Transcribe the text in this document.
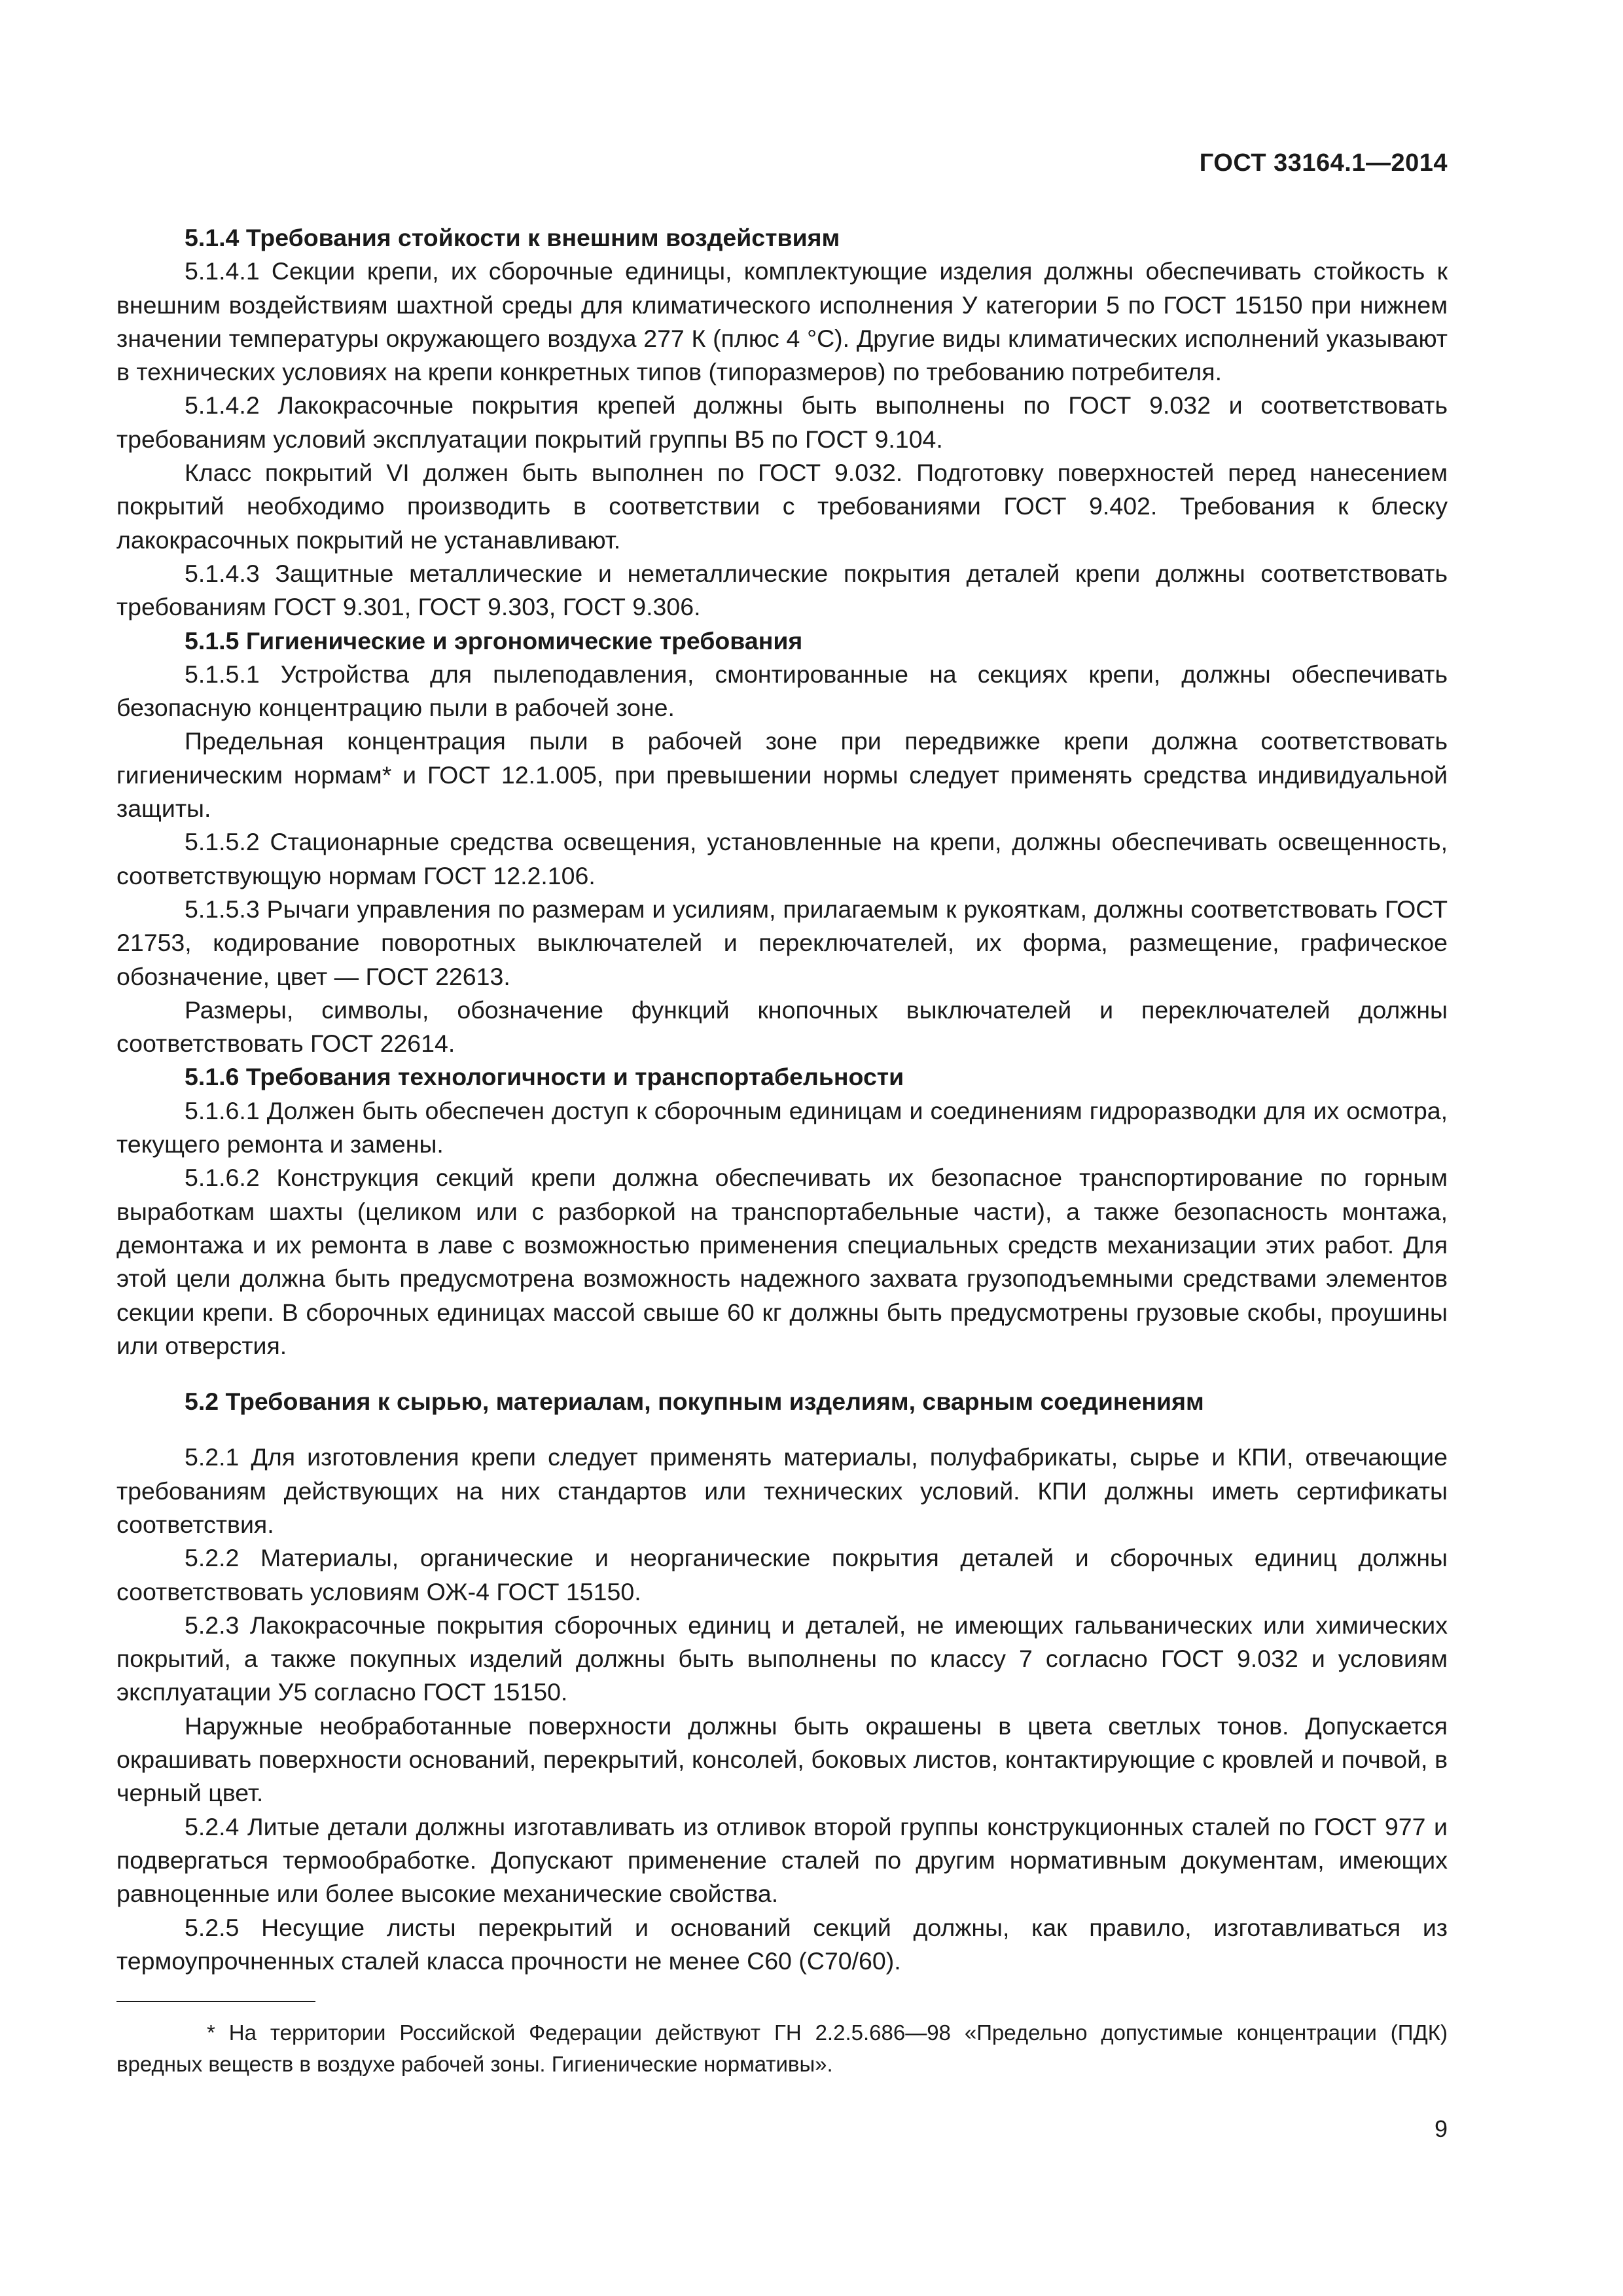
ГОСТ 33164.1—2014
5.1.4 Требования стойкости к внешним воздействиям

5.1.4.1 Секции крепи, их сборочные единицы, комплектующие изделия должны обеспечивать стойкость к внешним воздействиям шахтной среды для климатического исполнения У категории 5 по ГОСТ 15150 при нижнем значении температуры окружающего воздуха 277 К (плюс 4 °С). Другие виды климатических исполнений указывают в технических условиях на крепи конкретных типов (типоразмеров) по требованию потребителя.

5.1.4.2 Лакокрасочные покрытия крепей должны быть выполнены по ГОСТ 9.032 и соответствовать требованиям условий эксплуатации покрытий группы В5 по ГОСТ 9.104.

Класс покрытий VI должен быть выполнен по ГОСТ 9.032. Подготовку поверхностей перед нанесением покрытий необходимо производить в соответствии с требованиями ГОСТ 9.402. Требования к блеску лакокрасочных покрытий не устанавливают.

5.1.4.3 Защитные металлические и неметаллические покрытия деталей крепи должны соответствовать требованиям ГОСТ 9.301, ГОСТ 9.303, ГОСТ 9.306.

5.1.5 Гигиенические и эргономические требования

5.1.5.1 Устройства для пылеподавления, смонтированные на секциях крепи, должны обеспечивать безопасную концентрацию пыли в рабочей зоне.

Предельная концентрация пыли в рабочей зоне при передвижке крепи должна соответствовать гигиеническим нормам* и ГОСТ 12.1.005, при превышении нормы следует применять средства индивидуальной защиты.

5.1.5.2 Стационарные средства освещения, установленные на крепи, должны обеспечивать освещенность, соответствующую нормам ГОСТ 12.2.106.

5.1.5.3 Рычаги управления по размерам и усилиям, прилагаемым к рукояткам, должны соответствовать ГОСТ 21753, кодирование поворотных выключателей и переключателей, их форма, размещение, графическое обозначение, цвет — ГОСТ 22613.

Размеры, символы, обозначение функций кнопочных выключателей и переключателей должны соответствовать ГОСТ 22614.

5.1.6 Требования технологичности и транспортабельности

5.1.6.1 Должен быть обеспечен доступ к сборочным единицам и соединениям гидроразводки для их осмотра, текущего ремонта и замены.

5.1.6.2 Конструкция секций крепи должна обеспечивать их безопасное транспортирование по горным выработкам шахты (целиком или с разборкой на транспортабельные части), а также безопасность монтажа, демонтажа и их ремонта в лаве с возможностью применения специальных средств механизации этих работ. Для этой цели должна быть предусмотрена возможность надежного захвата грузоподъемными средствами элементов секции крепи. В сборочных единицах массой свыше 60 кг должны быть предусмотрены грузовые скобы, проушины или отверстия.

5.2 Требования к сырью, материалам, покупным изделиям, сварным соединениям

5.2.1 Для изготовления крепи следует применять материалы, полуфабрикаты, сырье и КПИ, отвечающие требованиям действующих на них стандартов или технических условий. КПИ должны иметь сертификаты соответствия.

5.2.2 Материалы, органические и неорганические покрытия деталей и сборочных единиц должны соответствовать условиям ОЖ-4 ГОСТ 15150.

5.2.3 Лакокрасочные покрытия сборочных единиц и деталей, не имеющих гальванических или химических покрытий, а также покупных изделий должны быть выполнены по классу 7 согласно ГОСТ 9.032 и условиям эксплуатации У5 согласно ГОСТ 15150.

Наружные необработанные поверхности должны быть окрашены в цвета светлых тонов. Допускается окрашивать поверхности оснований, перекрытий, консолей, боковых листов, контактирующие с кровлей и почвой, в черный цвет.

5.2.4 Литые детали должны изготавливать из отливок второй группы конструкционных сталей по ГОСТ 977 и подвергаться термообработке. Допускают применение сталей по другим нормативным документам, имеющих равноценные или более высокие механические свойства.

5.2.5 Несущие листы перекрытий и оснований секций должны, как правило, изготавливаться из термоупрочненных сталей класса прочности не менее С60 (С70/60).

* На территории Российской Федерации действуют ГН 2.2.5.686—98 «Предельно допустимые концентрации (ПДК) вредных веществ в воздухе рабочей зоны. Гигиенические нормативы».

9
